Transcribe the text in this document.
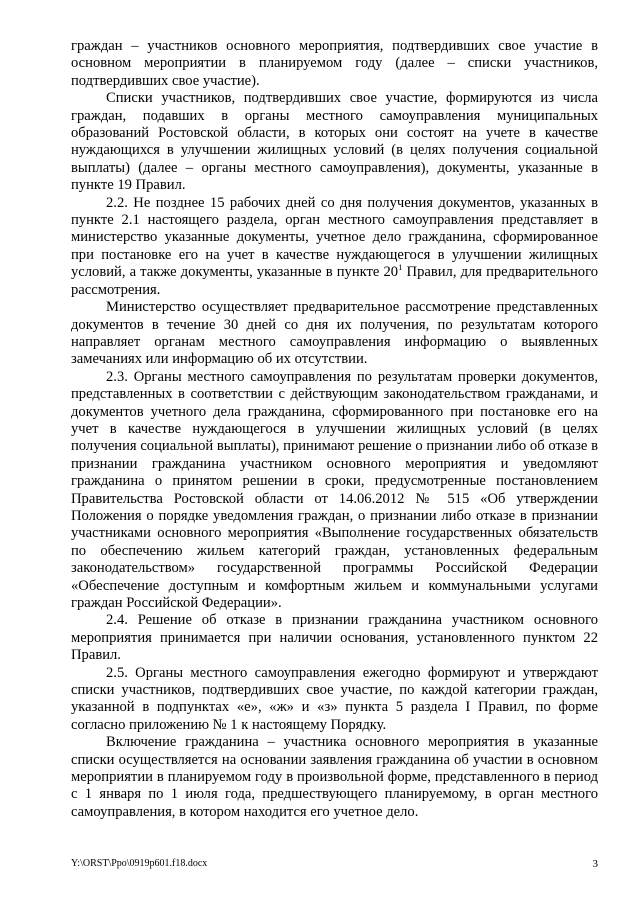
граждан – участников основного мероприятия, подтвердивших свое участие в основном мероприятии в планируемом году (далее – списки участников, подтвердивших свое участие).

Списки участников, подтвердивших свое участие, формируются из числа граждан, подавших в органы местного самоуправления муниципальных образований Ростовской области, в которых они состоят на учете в качестве нуждающихся в улучшении жилищных условий (в целях получения социальной выплаты) (далее – органы местного самоуправления), документы, указанные в пункте 19 Правил.

2.2. Не позднее 15 рабочих дней со дня получения документов, указанных в пункте 2.1 настоящего раздела, орган местного самоуправления представляет в министерство указанные документы, учетное дело гражданина, сформированное при постановке его на учет в качестве нуждающегося в улучшении жилищных условий, а также документы, указанные в пункте $20^1$ Правил, для предварительного рассмотрения.

Министерство осуществляет предварительное рассмотрение представленных документов в течение 30 дней со дня их получения, по результатам которого направляет органам местного самоуправления информацию о выявленных замечаниях или информацию об их отсутствии.

2.3. Органы местного самоуправления по результатам проверки документов, представленных в соответствии с действующим законодательством гражданами, и документов учетного дела гражданина, сформированного при постановке его на учет в качестве нуждающегося в улучшении жилищных условий (в целях получения социальной выплаты), принимают решение о признании либо об отказе в признании гражданина участником основного мероприятия и уведомляют гражданина о принятом решении в сроки, предусмотренные постановлением Правительства Ростовской области от 14.06.2012 № 515 «Об утверждении Положения о порядке уведомления граждан, о признании либо отказе в признании участниками основного мероприятия «Выполнение государственных обязательств по обеспечению жильем категорий граждан, установленных федеральным законодательством» государственной программы Российской Федерации «Обеспечение доступным и комфортным жильем и коммунальными услугами граждан Российской Федерации».

2.4. Решение об отказе в признании гражданина участником основного мероприятия принимается при наличии основания, установленного пунктом 22 Правил.

2.5. Органы местного самоуправления ежегодно формируют и утверждают списки участников, подтвердивших свое участие, по каждой категории граждан, указанной в подпунктах «е», «ж» и «з» пункта 5 раздела I Правил, по форме согласно приложению № 1 к настоящему Порядку.

Включение гражданина – участника основного мероприятия в указанные списки осуществляется на основании заявления гражданина об участии в основном мероприятии в планируемом году в произвольной форме, представленного в период с 1 января по 1 июля года, предшествующего планируемому, в орган местного самоуправления, в котором находится его учетное дело.

Y:\ORST\Ppo\0919p601.f18.docx	3
